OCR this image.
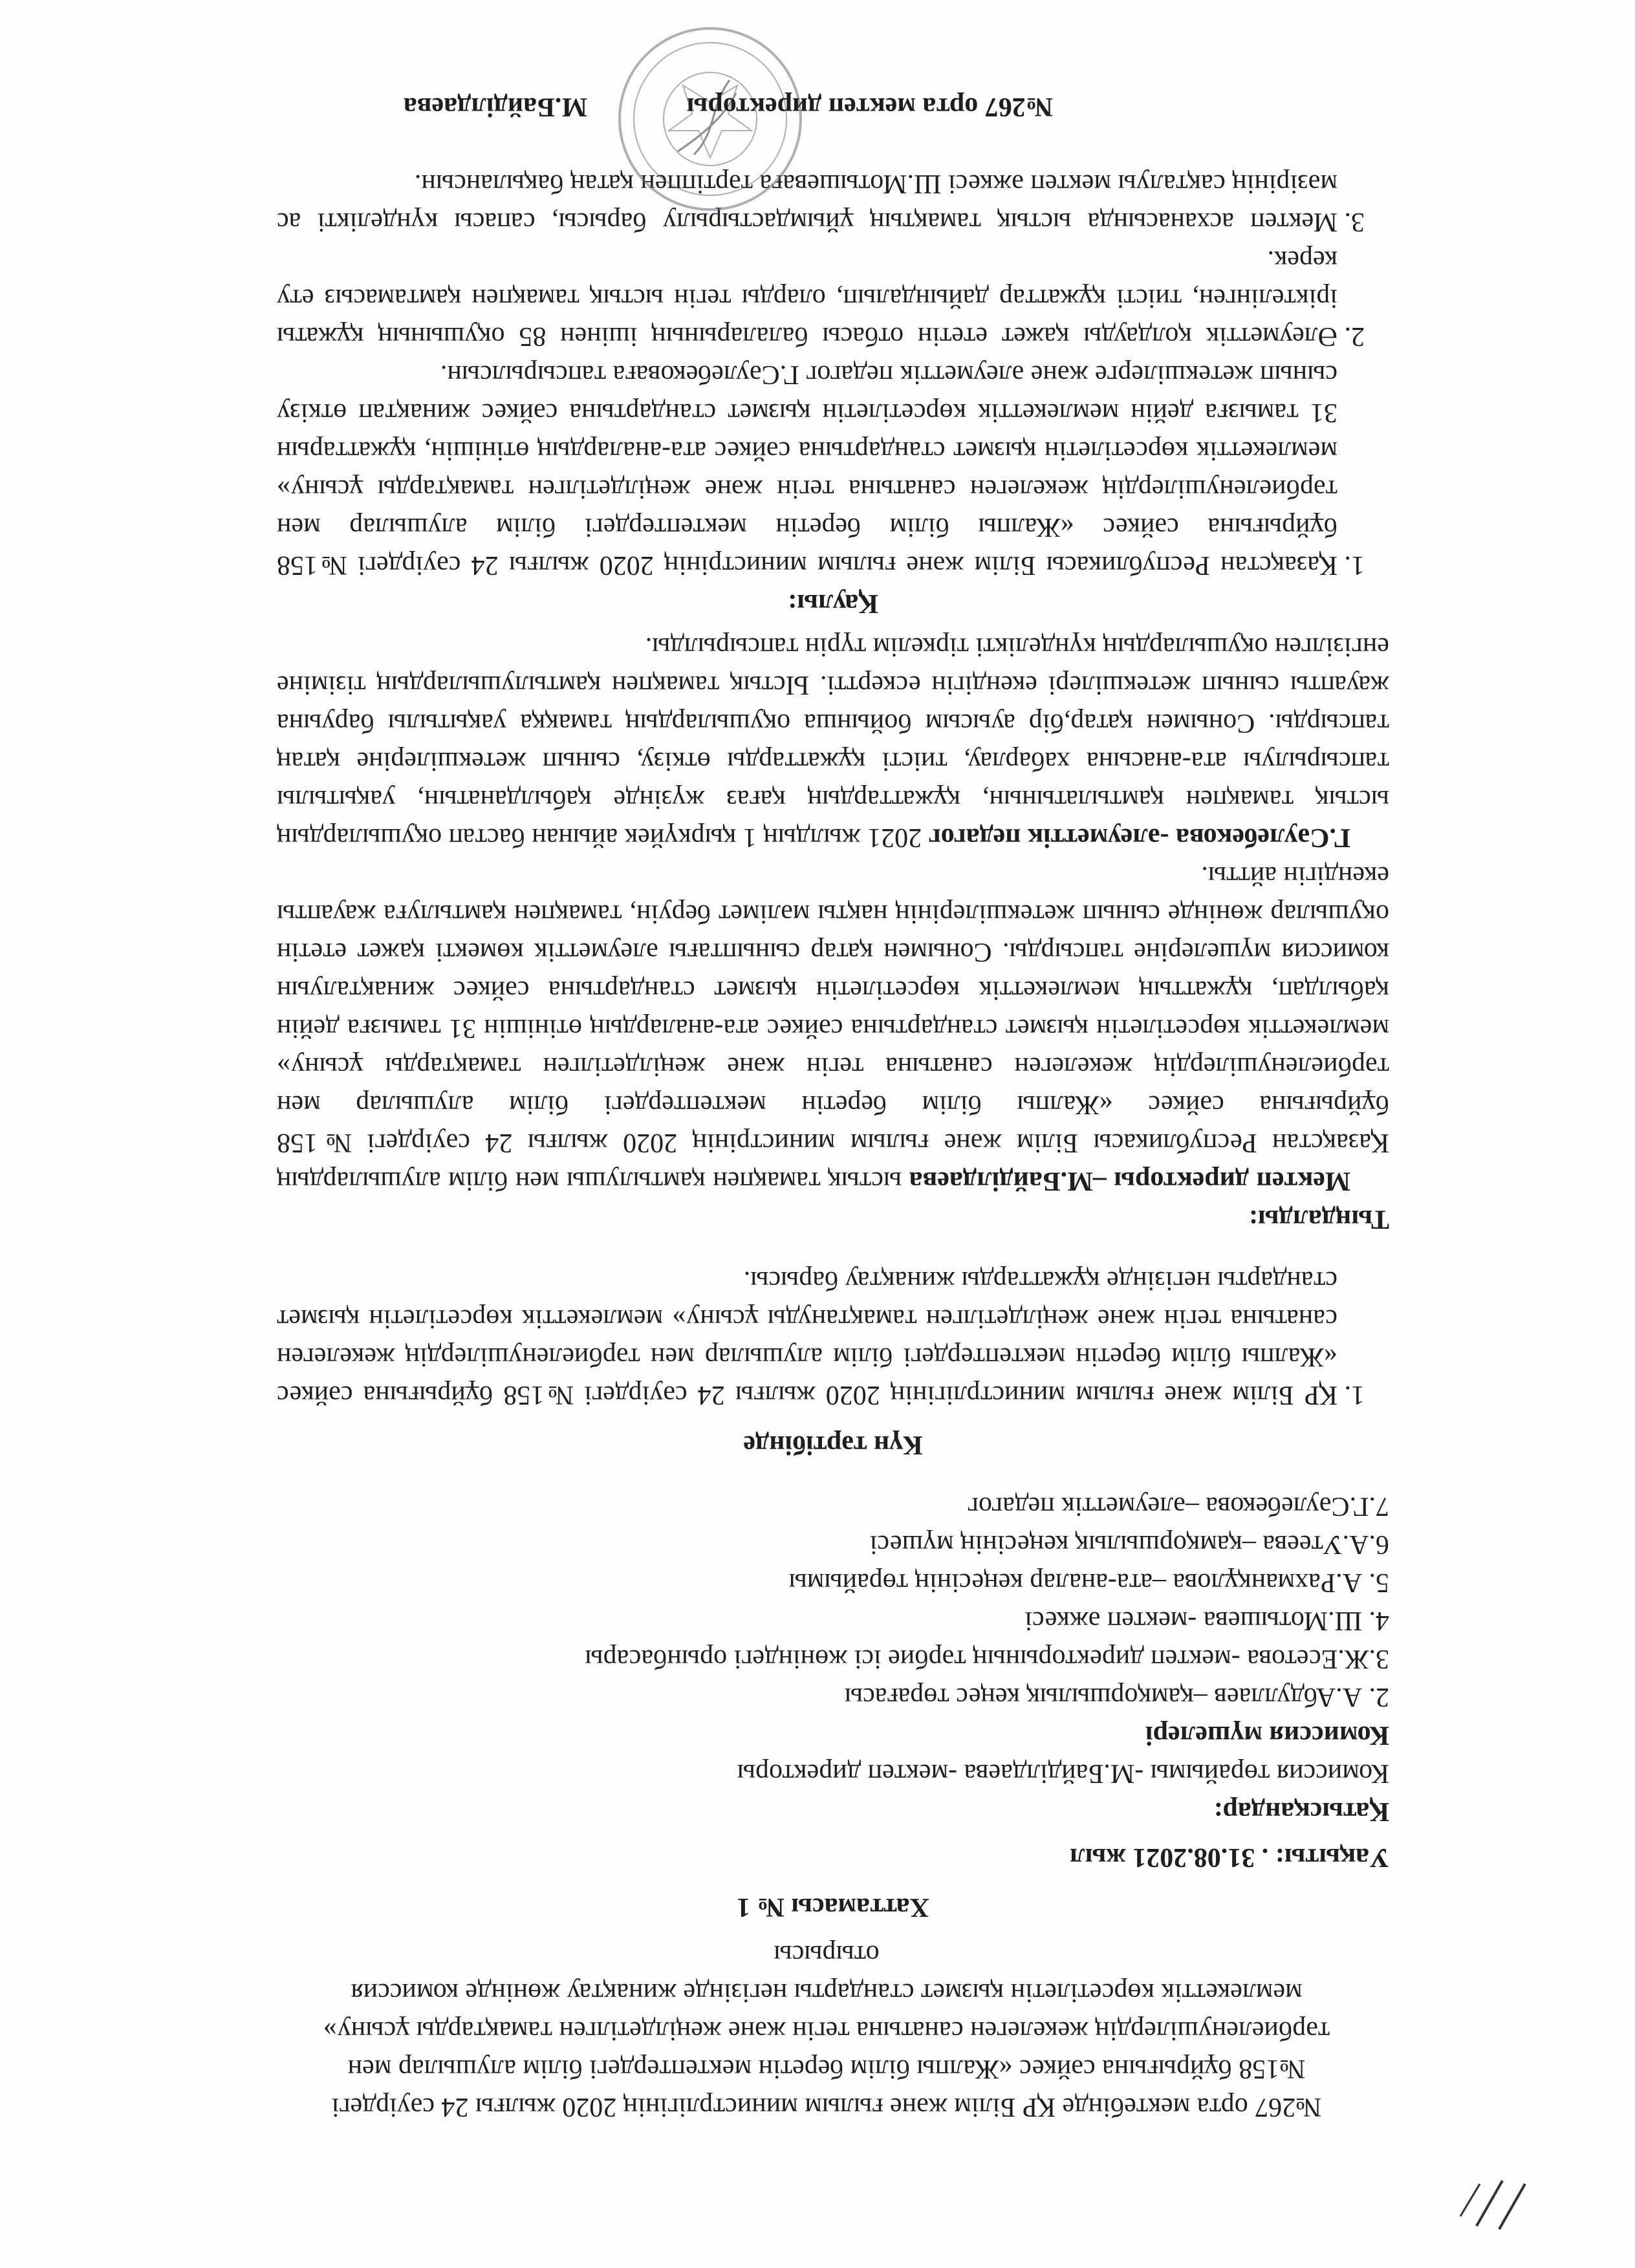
№267 орта мектебінде ҚР Білім және ғылым министрлігінің 2020 жылғы 24 сәуірдегі №158 бұйрығына сәйкес «Жалпы білім беретін мектептердегі білім алушылар мен тәрбиеленушілердің жекелеген санатына тегін және жеңілдетілген тамақтарды ұсыну» мемлекеттік көрсетілетін қызмет стандарты негізінде жинақтау жөнінде комиссия отырысы

Хаттамасы № 1

Уақыты: . 31.08.2021 жыл

Қатысқандар:

Комиссия төрайымы -М.Байділдаева -мектеп директоры

Комиссия мүшелері

2. А.Абдуллаев –қамқоршылық кеңес төрағасы
3.Ж.Есетова -мектеп директорының тәрбие ісі жөніндегі орынбасары
4. Ш.Мотышева -мектеп әжкесі
5. А.Рахманқұлова –ата-аналар кеңесінің төрайымы
6.А.Утеева –қамқоршылық кеңесінің мүшесі
7.Г.Сәулебекова –әлеуметтік педагог

Күн тәртібінде

1. ҚР Білім және ғылым министрлігінің 2020 жылғы 24 сәуірдегі №158 бұйрығына сәйкес «Жалпы білім беретін мектептердегі білім алушылар мен тәрбиеленушілердің жекелеген санатына тегін және жеңілдетілген тамақтануды ұсыну» мемлекеттік көрсетілетін қызмет стандарты негізінде құжаттарды жинақтау барысы.

Тыңдалды:

Мектеп директоры –М.Байділдаева ыстық тамақпен қамтылушы мен білім алушылардың Қазақстан Республикасы Білім және ғылым министрінің 2020 жылғы 24 сәуірдегі №158 бұйрығына сәйкес «Жалпы білім беретін мектептердегі білім алушылар мен тәрбиеленушілердің жекелеген санатына тегін және жеңілдетілген тамақтарды ұсыну» мемлекеттік көрсетілетін қызмет стандартына сәйкес ата-аналардың өтінішін 31 тамызға дейін қабылдап, құжаттың мемлекеттік көрсетілетін қызмет стандартына сәйкес жинақталуын комиссия мүшелеріне тапсырды. Сонымен қатар сыныптағы әлеуметтік көмекті қажет ететін оқушылар жөнінде сынып жетекшілерінің нақты мәлімет беруін, тамақпен қамтылуға жауапты екендігін айтты.

Г.Сәулебекова -әлеуметтік педагог 2021 жылдың 1 қыркүйек айынан бастап оқушылардың ыстық тамақпен қамтылатынын, құжаттардың қағаз жүзінде қабылданатын, уақытылы тапсырылуы ата-анасына хабарлау, тиісті құжаттарды өткізу, сынып жетекшілеріне қатаң тапсырды. Сонымен қатар,бір ауысым бойынша оқушылардың тамаққа уақытылы баруына жауапты сынып жетекшілері екендігін ескертті. Ыстық тамақпен қамтылушылардың тізіміне енгізілген оқушылардың күнделікті тіркелім түрін тапсырылды.

Қаулы:

1. Қазақстан Республикасы Білім және ғылым министрінің 2020 жылғы 24 сәуірдегі №158 бұйрығына сәйкес «Жалпы білім беретін мектептердегі білім алушылар мен тәрбиеленушілердің жекелеген санатына тегін және жеңілдетілген тамақтарды ұсыну» мемлекеттік көрсетілетін қызмет стандартына сәйкес ата-аналардың өтінішін, құжаттарын 31 тамызға дейін мемлекеттік көрсетілетін қызмет стандартына сәйкес жинақтап өткізу сынып жетекшілерге және әлеуметтік педагог Г.Сәулебековаға тапсырылсын.
2. Әлеуметтік қолдауды қажет ететін отбасы балаларының ішінен 85 оқушының құжаты іріктелінген, тиісті құжаттар дайындалып, оларды тегін ыстық тамақпен қамтамасыз ету керек.
3. Мектеп асханасында ыстық тамақтың ұйымдастырылу барысы, сапасы күнделікті ас мәзірінің сақталуы мектеп әжкесі Ш.Мотышеваға тәртіппен қатаң бақылансын.
№267 орта мектеп директоры
М.Байділдаева
